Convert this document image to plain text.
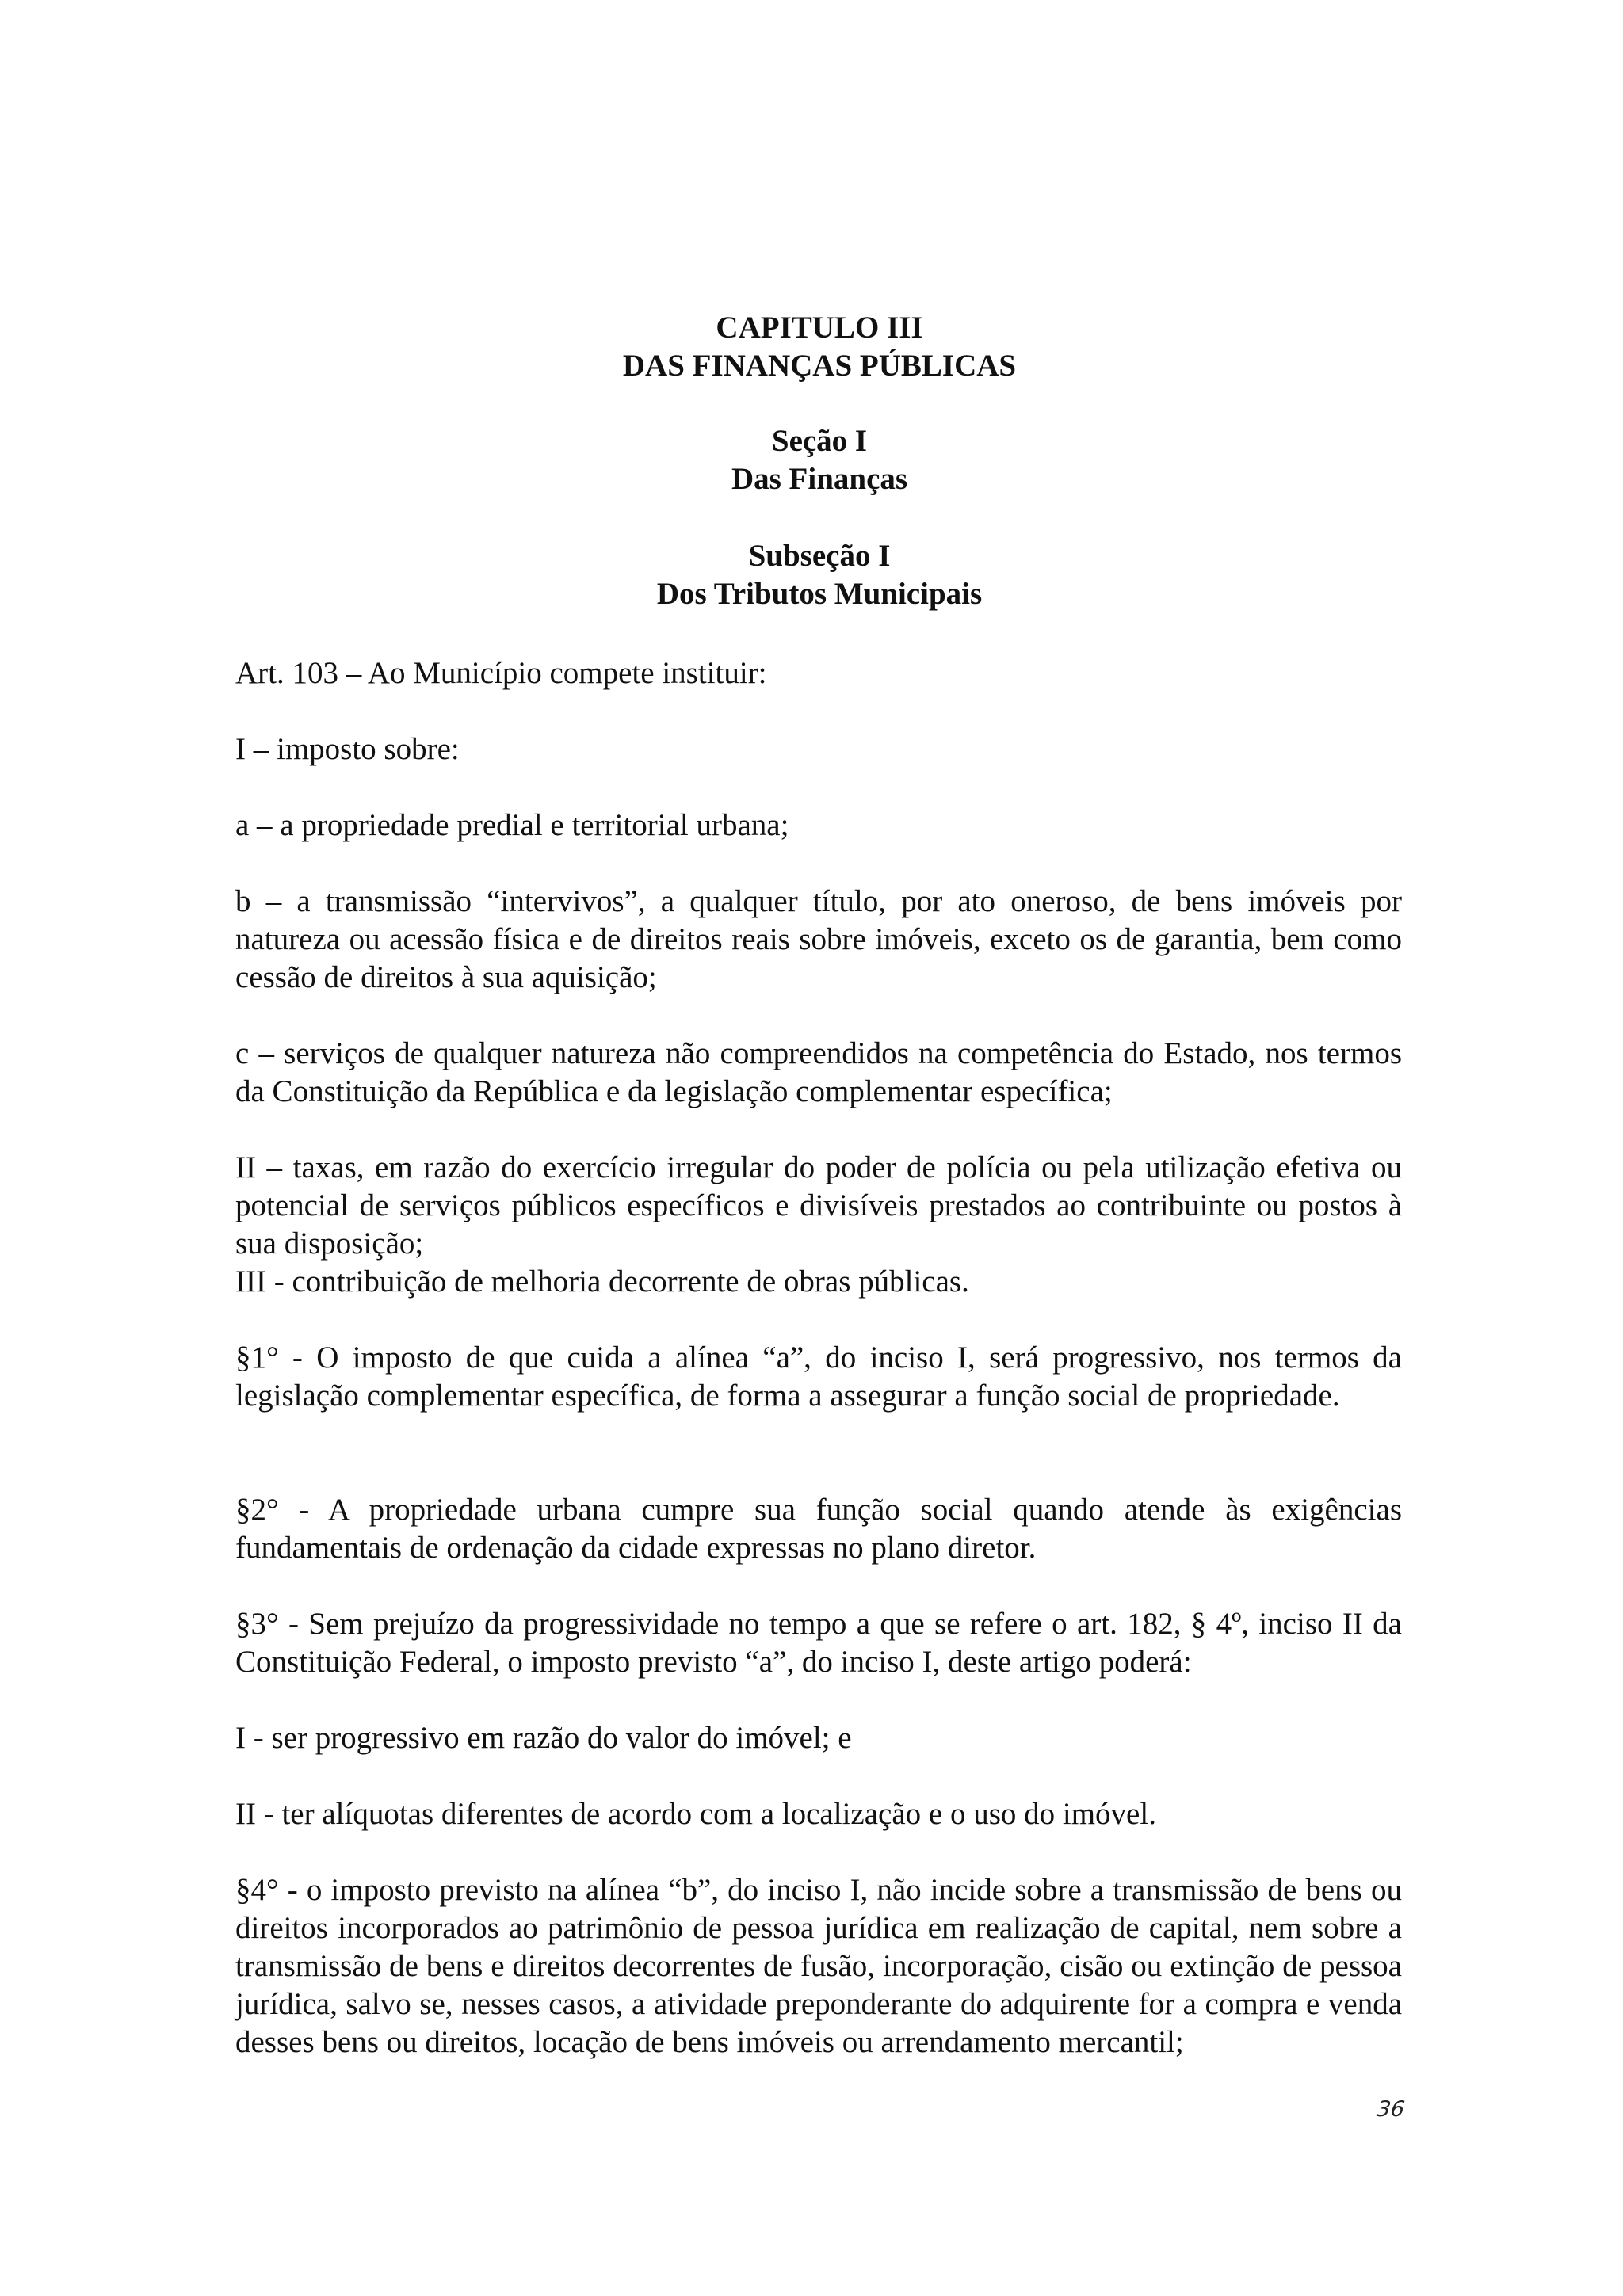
CAPITULO III
DAS FINANÇAS PÚBLICAS
Seção I
Das Finanças
Subseção I
Dos Tributos Municipais

Art. 103 – Ao Município compete instituir:

I – imposto sobre:

a – a propriedade predial e territorial urbana;

b – a transmissão “intervivos”, a qualquer título, por ato oneroso, de bens imóveis por natureza ou acessão física e de direitos reais sobre imóveis, exceto os de garantia, bem como cessão de direitos à sua aquisição;

c – serviços de qualquer natureza não compreendidos na competência do Estado, nos termos da Constituição da República e da legislação complementar específica;

II – taxas, em razão do exercício irregular do poder de polícia ou pela utilização efetiva ou potencial de serviços públicos específicos e divisíveis prestados ao contribuinte ou postos à sua disposição;

III - contribuição de melhoria decorrente de obras públicas.

§1° - O imposto de que cuida a alínea “a”, do inciso I, será progressivo, nos termos da legislação complementar específica, de forma a assegurar a função social de propriedade.

§2° - A propriedade urbana cumpre sua função social quando atende às exigências fundamentais de ordenação da cidade expressas no plano diretor.

§3° - Sem prejuízo da progressividade no tempo a que se refere o art. 182, § 4º, inciso II da Constituição Federal, o imposto previsto “a”, do inciso I, deste artigo poderá:

I - ser progressivo em razão do valor do imóvel; e

II - ter alíquotas diferentes de acordo com a localização e o uso do imóvel.

§4° - o imposto previsto na alínea “b”, do inciso I, não incide sobre a transmissão de bens ou direitos incorporados ao patrimônio de pessoa jurídica em realização de capital, nem sobre a transmissão de bens e direitos decorrentes de fusão, incorporação, cisão ou extinção de pessoa jurídica, salvo se, nesses casos, a atividade preponderante do adquirente for a compra e venda desses bens ou direitos, locação de bens imóveis ou arrendamento mercantil;

36
